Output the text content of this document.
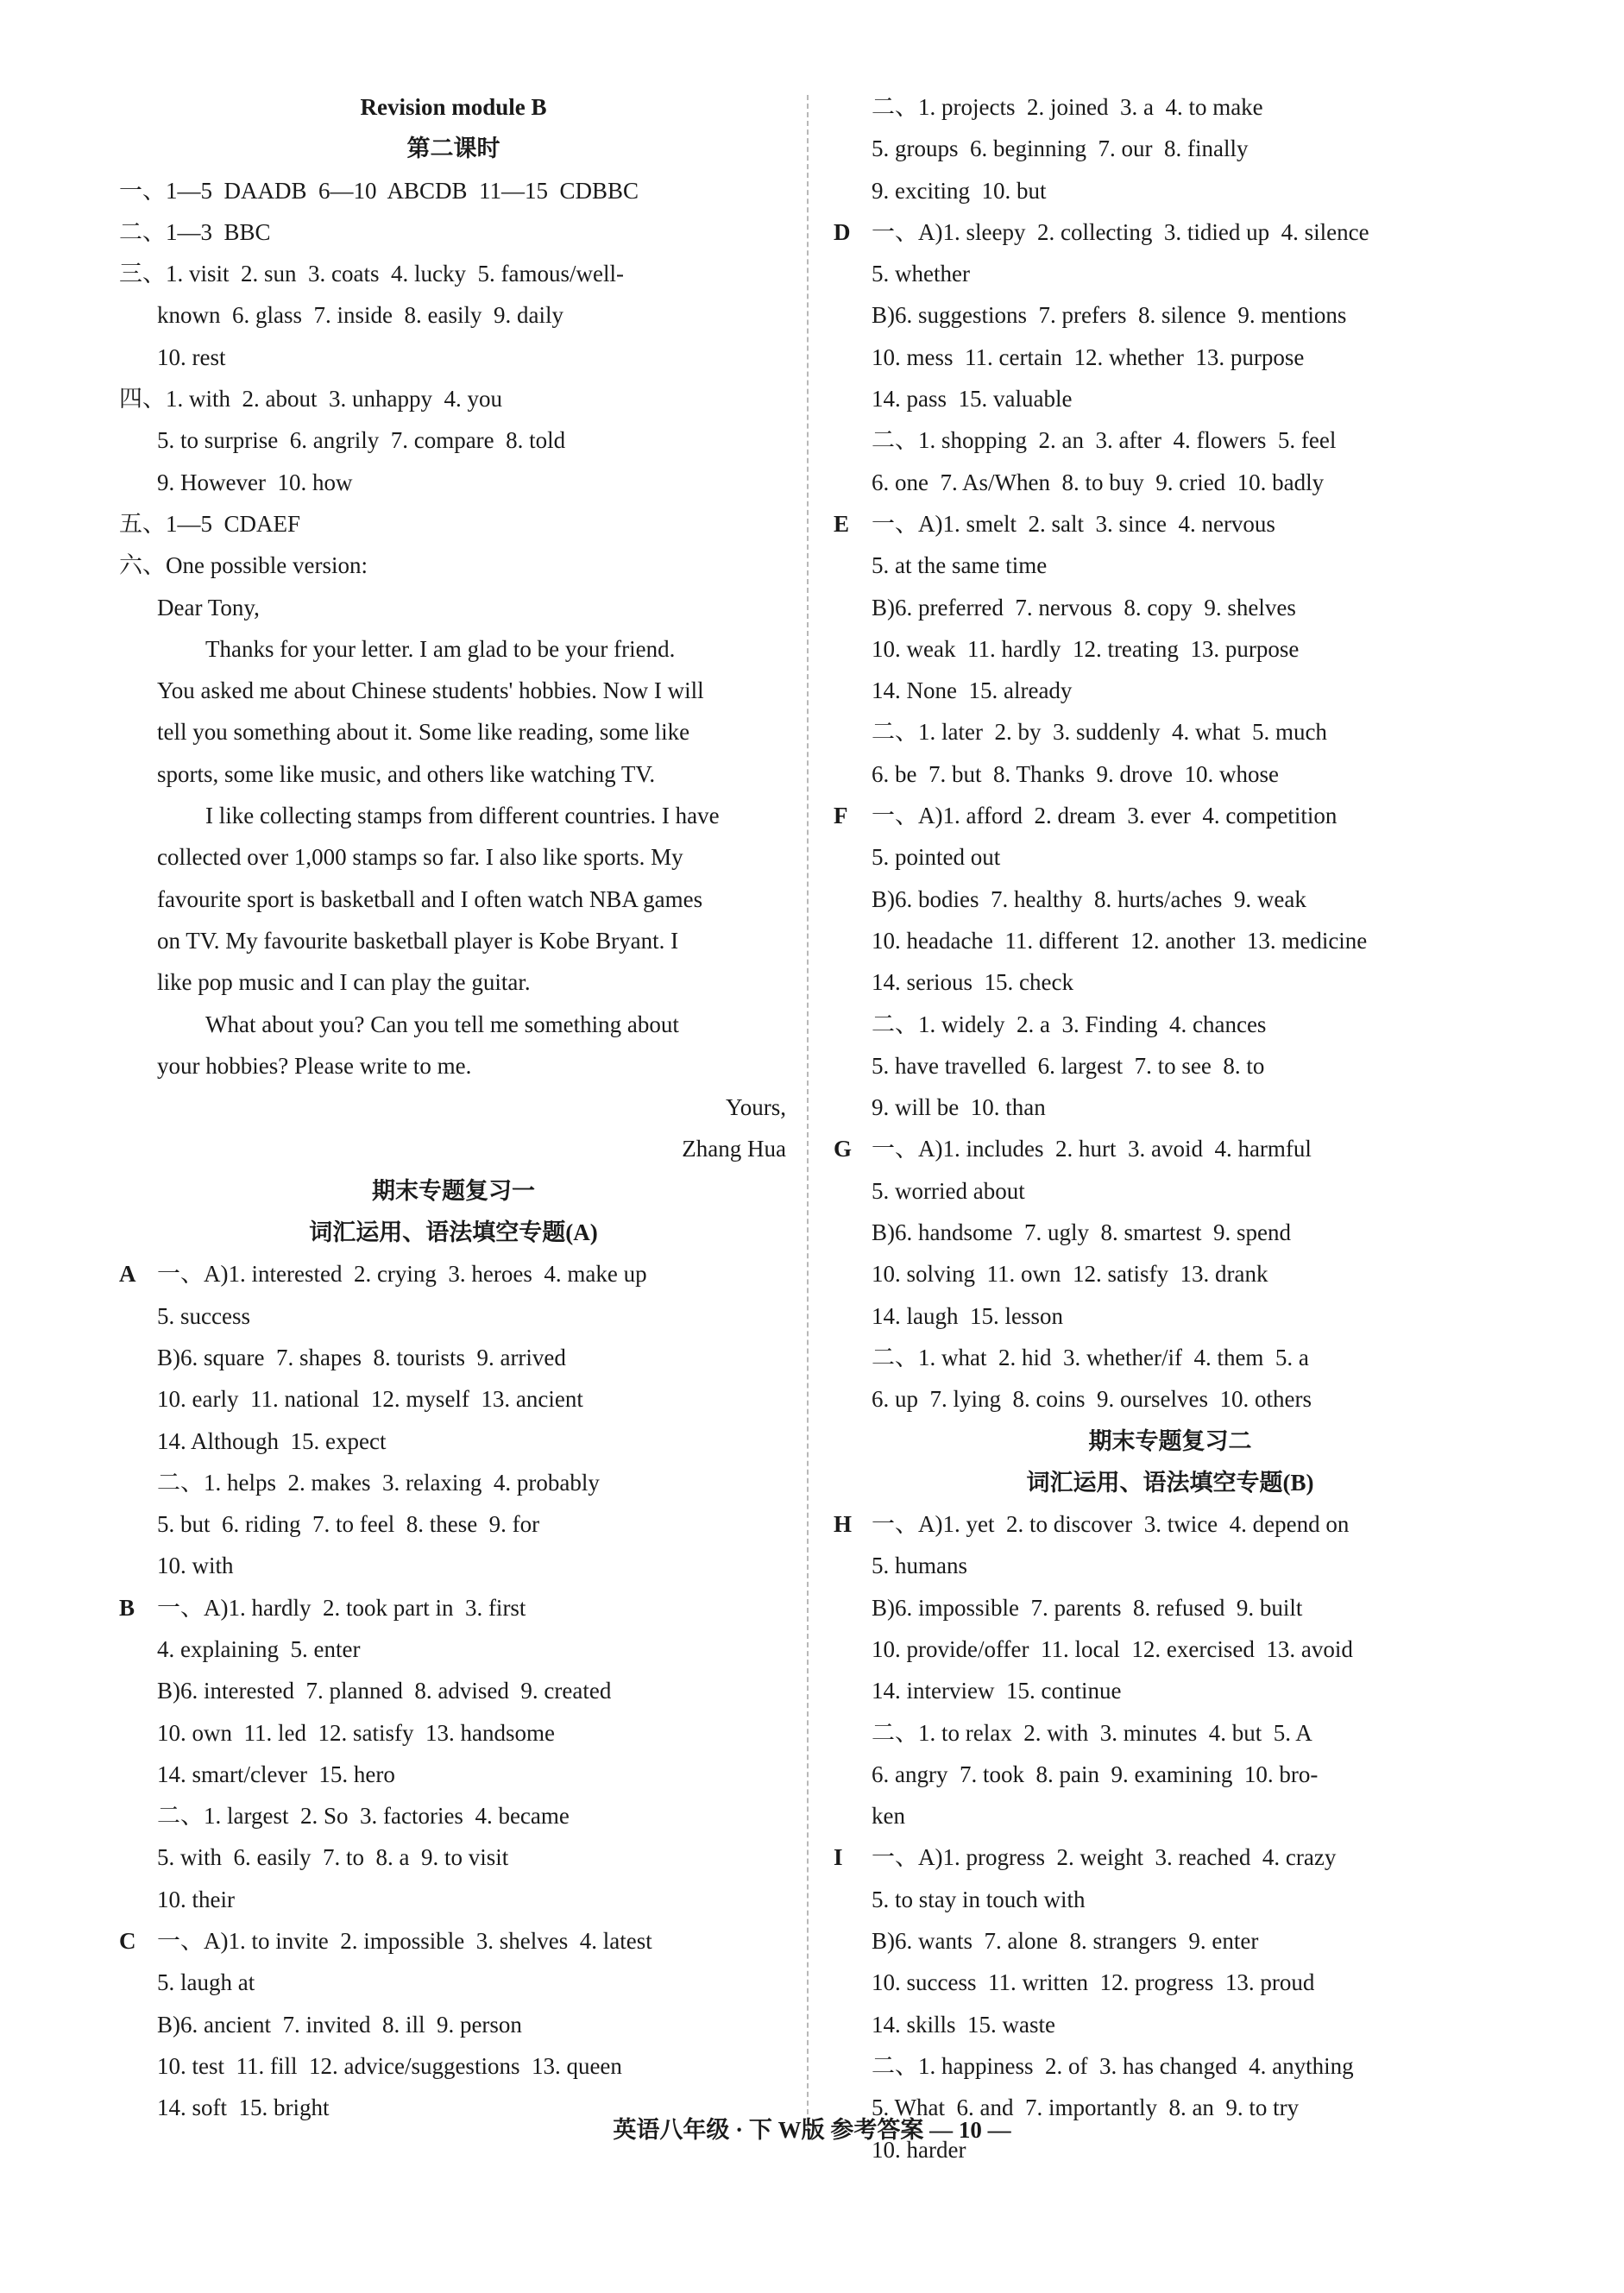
Revision module B
第二课时
一、1—5  DAADB  6—10  ABCDB  11—15  CDBBC
二、1—3  BBC
三、1. visit  2. sun  3. coats  4. lucky  5. famous/well-
known  6. glass  7. inside  8. easily  9. daily
10. rest
四、1. with  2. about  3. unhappy  4. you
5. to surprise  6. angrily  7. compare  8. told
9. However  10. how
五、1—5  CDAEF
六、One possible version:
Dear Tony,
Thanks for your letter. I am glad to be your friend.
You asked me about Chinese students' hobbies. Now I will
tell you something about it. Some like reading, some like
sports, some like music, and others like watching TV.
I like collecting stamps from different countries. I have
collected over 1,000 stamps so far. I also like sports. My
favourite sport is basketball and I often watch NBA games
on TV. My favourite basketball player is Kobe Bryant. I
like pop music and I can play the guitar.
What about you? Can you tell me something about
your hobbies? Please write to me.
Yours,
Zhang Hua
期末专题复习一
词汇运用、语法填空专题(A)
A 一、A)1. interested  2. crying  3. heroes  4. make up
5. success
B)6. square  7. shapes  8. tourists  9. arrived
10. early  11. national  12. myself  13. ancient
14. Although  15. expect
二、1. helps  2. makes  3. relaxing  4. probably
5. but  6. riding  7. to feel  8. these  9. for
10. with
B 一、A)1. hardly  2. took part in  3. first
4. explaining  5. enter
B)6. interested  7. planned  8. advised  9. created
10. own  11. led  12. satisfy  13. handsome
14. smart/clever  15. hero
二、1. largest  2. So  3. factories  4. became
5. with  6. easily  7. to  8. a  9. to visit
10. their
C 一、A)1. to invite  2. impossible  3. shelves  4. latest
5. laugh at
B)6. ancient  7. invited  8. ill  9. person
10. test  11. fill  12. advice/suggestions  13. queen
14. soft  15. bright
二、1. projects  2. joined  3. a  4. to make
5. groups  6. beginning  7. our  8. finally
9. exciting  10. but
D 一、A)1. sleepy  2. collecting  3. tidied up  4. silence
5. whether
B)6. suggestions  7. prefers  8. silence  9. mentions
10. mess  11. certain  12. whether  13. purpose
14. pass  15. valuable
二、1. shopping  2. an  3. after  4. flowers  5. feel
6. one  7. As/When  8. to buy  9. cried  10. badly
E 一、A)1. smelt  2. salt  3. since  4. nervous
5. at the same time
B)6. preferred  7. nervous  8. copy  9. shelves
10. weak  11. hardly  12. treating  13. purpose
14. None  15. already
二、1. later  2. by  3. suddenly  4. what  5. much
6. be  7. but  8. Thanks  9. drove  10. whose
F 一、A)1. afford  2. dream  3. ever  4. competition
5. pointed out
B)6. bodies  7. healthy  8. hurts/aches  9. weak
10. headache  11. different  12. another  13. medicine
14. serious  15. check
二、1. widely  2. a  3. Finding  4. chances
5. have travelled  6. largest  7. to see  8. to
9. will be  10. than
G 一、A)1. includes  2. hurt  3. avoid  4. harmful
5. worried about
B)6. handsome  7. ugly  8. smartest  9. spend
10. solving  11. own  12. satisfy  13. drank
14. laugh  15. lesson
二、1. what  2. hid  3. whether/if  4. them  5. a
6. up  7. lying  8. coins  9. ourselves  10. others
期末专题复习二
词汇运用、语法填空专题(B)
H 一、A)1. yet  2. to discover  3. twice  4. depend on
5. humans
B)6. impossible  7. parents  8. refused  9. built
10. provide/offer  11. local  12. exercised  13. avoid
14. interview  15. continue
二、1. to relax  2. with  3. minutes  4. but  5. A
6. angry  7. took  8. pain  9. examining  10. bro-
ken
I 一、A)1. progress  2. weight  3. reached  4. crazy
5. to stay in touch with
B)6. wants  7. alone  8. strangers  9. enter
10. success  11. written  12. progress  13. proud
14. skills  15. waste
二、1. happiness  2. of  3. has changed  4. anything
5. What  6. and  7. importantly  8. an  9. to try
10. harder
英语八年级 · 下 W版 参考答案 — 10 —
